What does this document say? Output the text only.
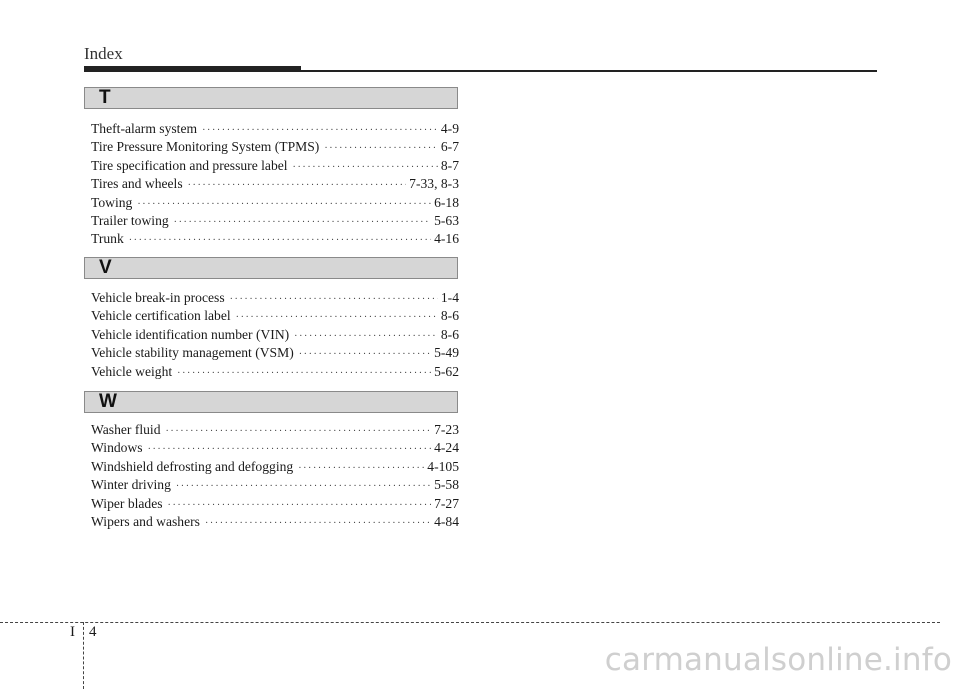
Index
T
Theft-alarm system ·····	4-9
Tire Pressure Monitoring System (TPMS) ·····	6-7
Tire specification and pressure label ·····	8-7
Tires and wheels ·····	7-33, 8-3
Towing ·····	6-18
Trailer towing ·····	5-63
Trunk ·····	4-16
V
Vehicle break-in process ·····	1-4
Vehicle certification label ·····	8-6
Vehicle identification number (VIN) ·····	8-6
Vehicle stability management (VSM) ·····	5-49
Vehicle weight ·····	5-62
W
Washer fluid ·····	7-23
Windows ·····	4-24
Windshield defrosting and defogging ·····	4-105
Winter driving ·····	5-58
Wiper blades ·····	7-27
Wipers and washers ·····	4-84
I 4
carmanualsonline.info
